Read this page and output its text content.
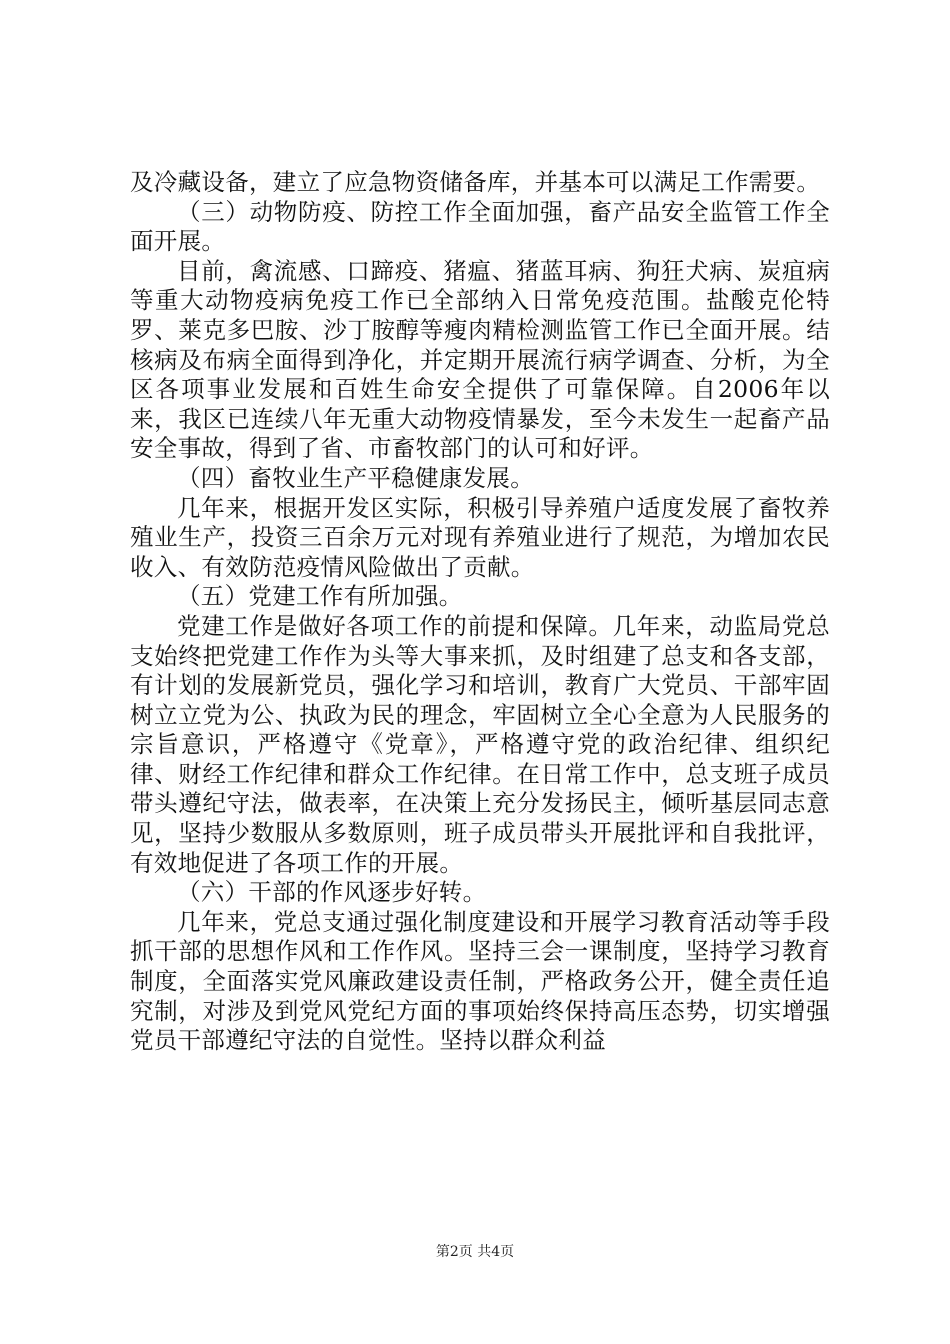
及冷藏设备，建立了应急物资储备库，并基本可以满足工作需要。

（三）动物防疫、防控工作全面加强，畜产品安全监管工作全面开展。

目前，禽流感、口蹄疫、猪瘟、猪蓝耳病、狗狂犬病、炭疽病等重大动物疫病免疫工作已全部纳入日常免疫范围。盐酸克伦特罗、莱克多巴胺、沙丁胺醇等瘦肉精检测监管工作已全面开展。结核病及布病全面得到净化，并定期开展流行病学调查、分析，为全区各项事业发展和百姓生命安全提供了可靠保障。自2006年以来，我区已连续八年无重大动物疫情暴发，至今未发生一起畜产品安全事故，得到了省、市畜牧部门的认可和好评。

（四）畜牧业生产平稳健康发展。

几年来，根据开发区实际，积极引导养殖户适度发展了畜牧养殖业生产，投资三百余万元对现有养殖业进行了规范，为增加农民收入、有效防范疫情风险做出了贡献。

（五）党建工作有所加强。

党建工作是做好各项工作的前提和保障。几年来，动监局党总支始终把党建工作作为头等大事来抓，及时组建了总支和各支部，有计划的发展新党员，强化学习和培训，教育广大党员、干部牢固树立立党为公、执政为民的理念，牢固树立全心全意为人民服务的宗旨意识，严格遵守《党章》，严格遵守党的政治纪律、组织纪律、财经工作纪律和群众工作纪律。在日常工作中，总支班子成员带头遵纪守法，做表率，在决策上充分发扬民主，倾听基层同志意见，坚持少数服从多数原则，班子成员带头开展批评和自我批评，有效地促进了各项工作的开展。

（六）干部的作风逐步好转。

几年来，党总支通过强化制度建设和开展学习教育活动等手段抓干部的思想作风和工作作风。坚持三会一课制度，坚持学习教育制度，全面落实党风廉政建设责任制，严格政务公开，健全责任追究制，对涉及到党风党纪方面的事项始终保持高压态势，切实增强党员干部遵纪守法的自觉性。坚持以群众利益

第2页 共4页
